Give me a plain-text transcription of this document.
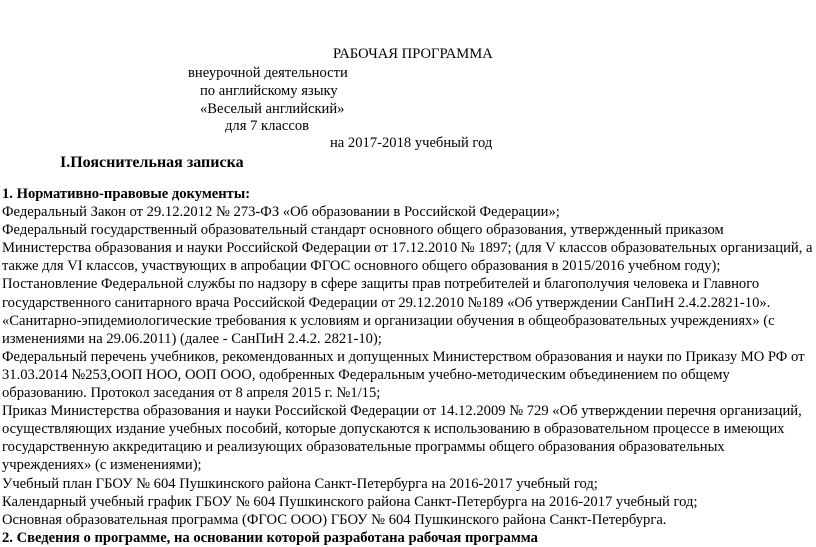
РАБОЧАЯ ПРОГРАММА
внеурочной деятельности
по английскому языку
«Веселый английский»
для 7 классов
на 2017-2018 учебный год
I.Пояснительная записка

1. Нормативно-правовые документы:

Федеральный Закон от 29.12.2012 № 273-ФЗ «Об образовании в Российской Федерации»;

Федеральный государственный образовательный стандарт основного общего образования, утвержденный приказом Министерства образования и науки Российской Федерации от 17.12.2010 № 1897; (для V классов образовательных организаций, а также для VI классов, участвующих в апробации ФГОС основного общего образования в 2015/2016 учебном году);

Постановление Федеральной службы по надзору в сфере защиты прав потребителей и благополучия человека и Главного государственного санитарного врача Российской Федерации от 29.12.2010 №189 «Об утверждении СанПиН 2.4.2.2821-10». «Санитарно-эпидемиологические требования к условиям и организации обучения в общеобразовательных учреждениях» (с изменениями на 29.06.2011) (далее - СанПиН 2.4.2. 2821-10);

Федеральный перечень учебников, рекомендованных и допущенных Министерством образования и науки по Приказу МО РФ от 31.03.2014 №253,ООП НОО, ООП ООО, одобренных Федеральным учебно-методическим объединением по общему образованию. Протокол заседания от 8 апреля 2015 г. №1/15;

Приказ Министерства образования и науки Российской Федерации от 14.12.2009 № 729 «Об утверждении перечня организаций, осуществляющих издание учебных пособий, которые допускаются к использованию в образовательном процессе в имеющих государственную аккредитацию и реализующих образовательные программы общего образования образовательных учреждениях» (с изменениями);

Учебный план ГБОУ № 604 Пушкинского района Санкт-Петербурга на 2016-2017 учебный год;

Календарный учебный график ГБОУ № 604 Пушкинского района Санкт-Петербурга на 2016-2017 учебный год;

Основная образовательная программа (ФГОС ООО) ГБОУ № 604 Пушкинского района Санкт-Петербурга.

2. Сведения о программе, на основании которой разработана рабочая программа
